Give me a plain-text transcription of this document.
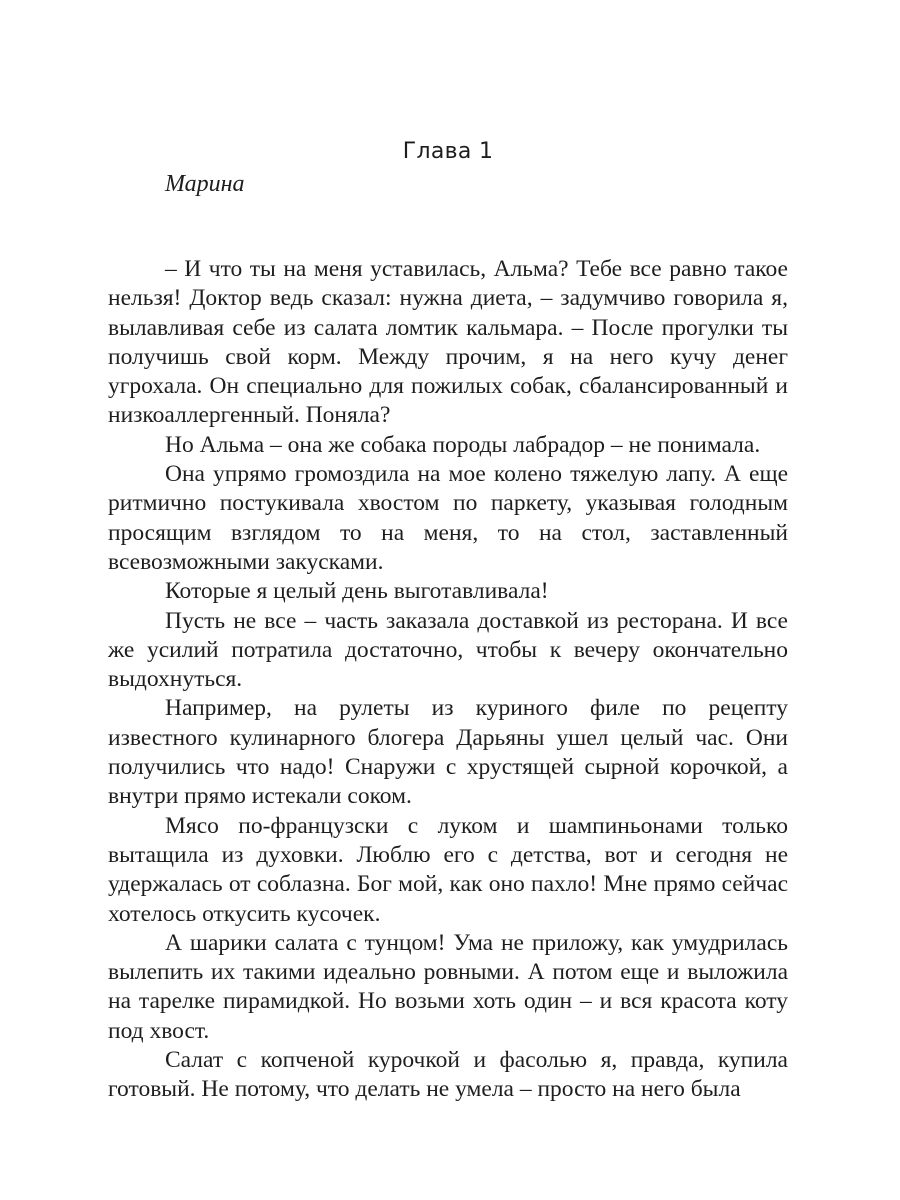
Глава 1
Марина

– И что ты на меня уставилась, Альма? Тебе все равно такое нельзя! Доктор ведь сказал: нужна диета, – задумчиво говорила я, вылавливая себе из салата ломтик кальмара. – После прогулки ты получишь свой корм. Между прочим, я на него кучу денег угрохала. Он специально для пожилых собак, сбалансированный и низкоаллергенный. Поняла?

Но Альма – она же собака породы лабрадор – не понимала.

Она упрямо громоздила на мое колено тяжелую лапу. А еще ритмично постукивала хвостом по паркету, указывая голодным просящим взглядом то на меня, то на стол, заставленный всевозможными закусками.

Которые я целый день выготавливала!

Пусть не все – часть заказала доставкой из ресторана. И все же усилий потратила достаточно, чтобы к вечеру окончательно выдохнуться.

Например, на рулеты из куриного филе по рецепту известного кулинарного блогера Дарьяны ушел целый час. Они получились что надо! Снаружи с хрустящей сырной корочкой, а внутри прямо истекали соком.

Мясо по-французски с луком и шампиньонами только вытащила из духовки. Люблю его с детства, вот и сегодня не удержалась от соблазна. Бог мой, как оно пахло! Мне прямо сейчас хотелось откусить кусочек.

А шарики салата с тунцом! Ума не приложу, как умудрилась вылепить их такими идеально ровными. А потом еще и выложила на тарелке пирамидкой. Но возьми хоть один – и вся красота коту под хвост.

Салат с копченой курочкой и фасолью я, правда, купила готовый. Не потому, что делать не умела – просто на него была
